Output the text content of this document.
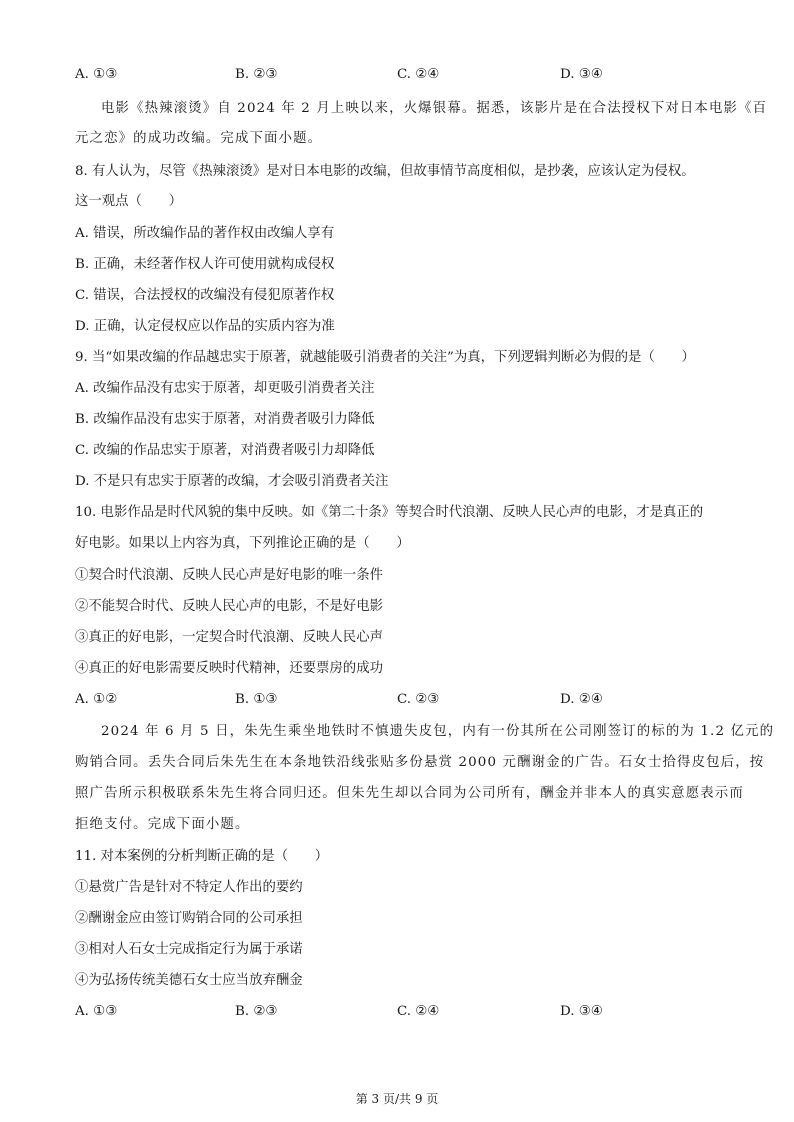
A. ①③	B. ②③	C. ②④	D. ③④
电影《热辣滚烫》自 2024 年 2 月上映以来，火爆银幕。据悉，该影片是在合法授权下对日本电影《百
元之恋》的成功改编。完成下面小题。
8. 有人认为，尽管《热辣滚烫》是对日本电影的改编，但故事情节高度相似，是抄袭，应该认定为侵权。
这一观点（　　）
A. 错误，所改编作品的著作权由改编人享有
B. 正确，未经著作权人许可使用就构成侵权
C. 错误，合法授权的改编没有侵犯原著作权
D. 正确，认定侵权应以作品的实质内容为准
9. 当“如果改编的作品越忠实于原著，就越能吸引消费者的关注”为真，下列逻辑判断必为假的是（　　）
A. 改编作品没有忠实于原著，却更吸引消费者关注
B. 改编作品没有忠实于原著，对消费者吸引力降低
C. 改编的作品忠实于原著，对消费者吸引力却降低
D. 不是只有忠实于原著的改编，才会吸引消费者关注
10. 电影作品是时代风貌的集中反映。如《第二十条》等契合时代浪潮、反映人民心声的电影，才是真正的
好电影。如果以上内容为真，下列推论正确的是（　　）
①契合时代浪潮、反映人民心声是好电影的唯一条件
②不能契合时代、反映人民心声的电影，不是好电影
③真正的好电影，一定契合时代浪潮、反映人民心声
④真正的好电影需要反映时代精神，还要票房的成功
A. ①②	B. ①③	C. ②③	D. ②④
2024 年 6 月 5 日，朱先生乘坐地铁时不慎遗失皮包，内有一份其所在公司刚签订的标的为 1.2 亿元的
购销合同。丢失合同后朱先生在本条地铁沿线张贴多份悬赏 2000 元酬谢金的广告。石女士拾得皮包后，按
照广告所示积极联系朱先生将合同归还。但朱先生却以合同为公司所有，酬金并非本人的真实意愿表示而
拒绝支付。完成下面小题。
11. 对本案例的分析判断正确的是（　　）
①悬赏广告是针对不特定人作出的要约
②酬谢金应由签订购销合同的公司承担
③相对人石女士完成指定行为属于承诺
④为弘扬传统美德石女士应当放弃酬金
A. ①③	B. ②③	C. ②④	D. ③④
第 3 页/共 9 页
